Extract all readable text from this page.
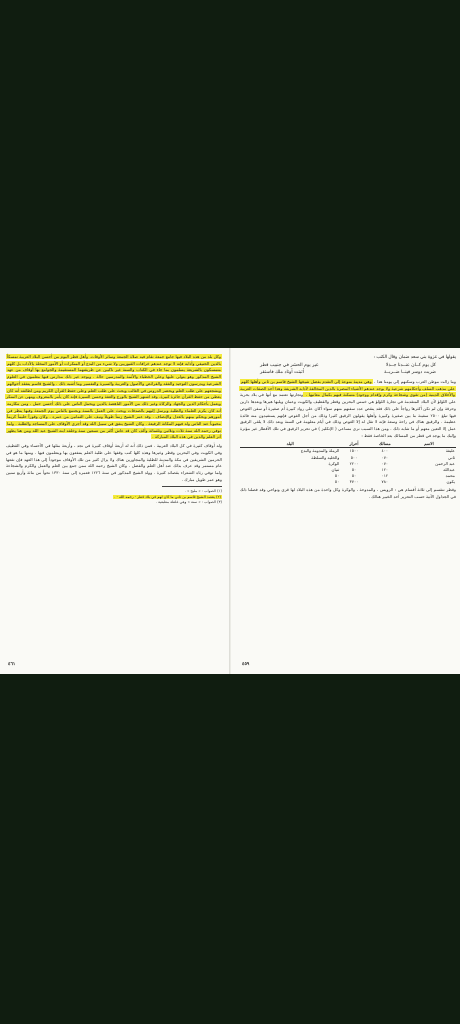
وكل بلد من هذه البلاد فيها جامع جمعة تقام فيه صلاة الجمعة وسائر الأوقات. وأهل قطر اليوم من أحسن البلاد العربية تمسكاً بالدين الحنيفي وأدابه فإنه لا توجد عندهم خرافات القبوريين ولا شيء من البدع أو المنكرات أو الأمور المخلة بالآداب بل كلهم متمسكون بالشريعة يسلمون بما جاء في الكتاب والسنة غير ناكبين عن طريقتهما المستقيمة والجوامع بها أوقاف من عهد الشيخ المذكور وهو يتولى عليها وعلى الخطباء والأئمة والمدرسين حالة . ويوجد غير ذلك مدارس فيها معلمون في العلوم الشرعية ويدرسون التوحيد والفقه والفرائض والأصول والعربية والسيرة والتفسير وما أشبه ذلك . والشيخ قاسم يتفقد أحوالهم ويشجعهم على طلب العلم ويحضر الدروس في الغالب ويحث على طلب العلم وعلى حفظ القرآن الكريم ومن لطائفه أنه كان يعطي من حفظ القرآن جائزة كبيرة. وقد اشتهر الشيخ بالورع والعفة وحسن السيرة فإنه كان يأمر بالمعروف وينهى عن المنكر ويعمل بأحكام الدين والجهاد والزكاة وغير ذلك من الأمور الناهضة بالدين ويحمل الناس على ذلك أحسن حمل . ومن مكارمه أنه كان يكرم العلماء والطلبة ويرسل إليهم بالصدقات ويحث على العمل بالسنة ويجتمع بالناس يوم الجمعة وفيها ينظر في أمورهم ويحكم بينهم بالعدل والإنصاف . وقد عمر الشيخ زمناً طويلاً ونيف على الثمانين من عمره . وكان وقوراً حليماً كريماً محبوباً عند الناس وله فيهم المكانة الرفيعة . وكان الشيخ ينفق في سبيل الله وقد أجرى الأوقاف على المساجد والطلبة . ولما توفي رحمه الله سنة ثلاث وثلاثين وثلثمائة وألف كان قد عاش أكثر من تسعين سنة وخلفه ابنه الشيخ عبد الله ومن هنا يظهر أثر العلم والدين في هذه البلاد المباركة .

وله أوقاف كثيرة في كل البلاد العربية . فمن ذلك أنه له أربعة أوقاف كثيرة في نجد ، وأربعة مثلها في الأحساء وفي القطيف وفي الكويت وفي البحرين وقطر وغيرها وهذه كلها كتب وقفها على طلبة العلم ينتفعون بها ويتعلمون فيها . ومنها ما هو في الحرمين الشريفين في مكة والمدينة للطلبة والمجاورين هناك ولا يزال كثير من تلك الأوقاف موجوداً إلى هذا العهد فإن نفعها عام مستمر وقد عرف بذلك عند أهل العلم والفضل . وكان الشيخ رحمه الله ممن جمع بين العلم والعمل والكرم والشجاعة ولما توفي رثاه الشعراء بقصائد كثيرة . وولد الشيخ المذكور في سنة ١٢٢٦ فعمره إلى سنة ١٣٣٠ نحواً من مائة وأربع سنين وهو عمر طويل مبارك .

(١) الصواب : « مليح » .
(٢) يقصد الشيخ قاسم بن ثاني ما كان لهم في بلاد قطر - رحمه الله - .
(٣) الصواب : « سنة » وهي غلطة مطبعية .
٤٦١
يقولها في غزوة بني سعد ضمان وقال الكتب :
كل يوم كــان عنــدنا جــذلا
غير يوم الحشر في جنبيب قطر
ضربت دوسر فينــا ضــربــة
أثبتت أوتاد ملك فاستقر

وما زالت موطن العرب وسكنهم إلى يومنا هذا . وهي مدينة منوعة إلى التقدم بفضل شيخها الشيخ قاسم بن ثاني وأهلها كلهم على مذهب السلف وأحكامهم شرعية ولا يوجد عندهم الأشياء المضرة بالدين المخالفة لآدابه الشريفة وهذا أحد الصفات العربية والأخلاق الدينية (من تقوى وشجاعة وكرم وإقدام ووجود) متمكنة فيهم بكمال معانيها . وتجارتها تعتمد مع أنها في بلاد بحرية على اللؤلؤ لأن البلاد المتقدمة في تجارة اللؤلؤ هي خمس البحرين وقطر والقطيف والكويت وعمان ويليها هيرها وبعدها دارين وحرقة وإن لم تكن أكثرها رواجاً على ذلك فقد ينقص عدد سفنهم منهم سواء أكان على رواد كبيرة أم صغيرة أو سفن الغوص فيها تبلغ ٢٥٠٠ سفينة ما بين صغيرة وكبيرة وأهلها يقولون الرقيق كثيرا وذلك من أجل الغوص فإنهم يستفيدون منه فائدة عظيمة . والرقيق هناك في راحة وسعة فإنه لا تقل له إلا الغوص وذلك في أيام معلومة في السنة وبعد ذلك لا يلقى الرقيق عمل إلا التعين معهم أو ما شابه ذلك . ومن هذا السبب نرى مساعي ( الإنكليز ) في تحرير الرقيق في تلك الأقطار غير مؤثرة وإليك ما يوجد في قطر من المسالك بعد الخاصة فقط :

الاسم	مسالك	أحرار	البلد
عليفة	٤٠٠	١٥٠٠	الرملة والمدومة والبدع
ثاني	٠٧٠	٥٠٠	والخليه والسلطة
عبد الرحمن	٠٧٠	٢٢٠٠	الوكرة
عبدالله	١٢٠	٥٠	ثنيان
محمد	٠١٢	٥٠	٥٠
يكون	٧٨٠	٣٧٠٠	٥٠

وقطر تنقسم إلى ثلاثة أقسام هي : الرويس ، والمدوحة ، والوكرة وكل واحدة من هذه البلاد لها قرى ونواحي وقد فصلنا ذلك في الجداول الآتية حسب التحرير أحد الخبير هنالك .

٤٥٩
